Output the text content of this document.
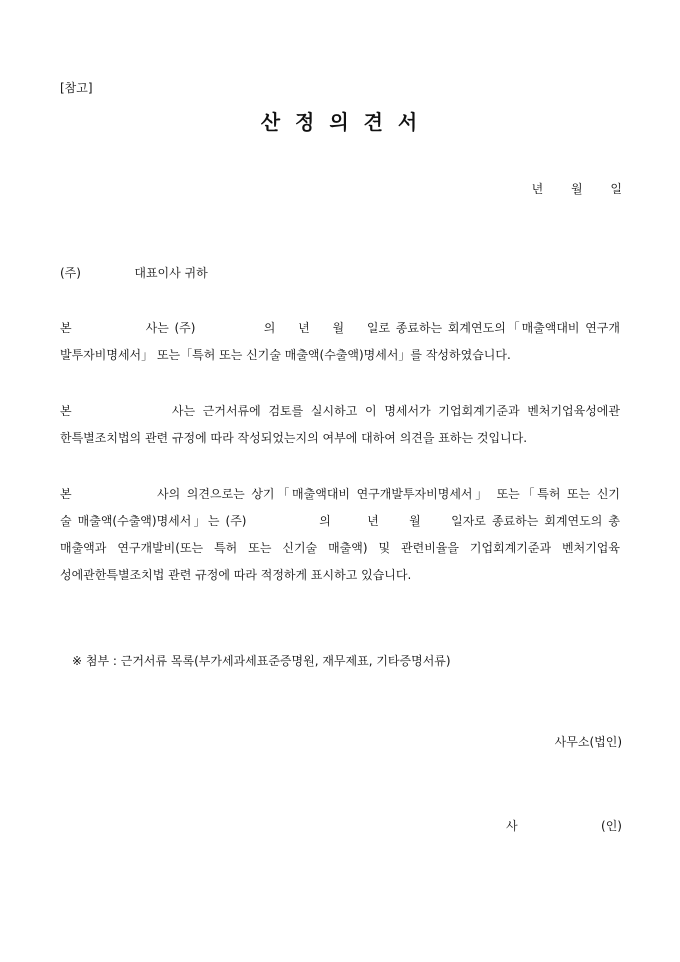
[참고]
산 정 의 견 서
년 월 일
(주)              대표이사 귀하
본             사는 (주)            의    년    월    일로 종료하는 회계연도의「매출액대비 연구개
발투자비명세서」 또는「특허 또는 신기술 매출액(수출액)명세서」를 작성하였습니다.
본             사는 근거서류에 검토를 실시하고 이 명세서가 기업회계기준과 벤처기업육성에관
한특별조치법의 관련 규정에 따라 작성되었는지의 여부에 대하여 의견을 표하는 것입니다.
본             사의 의견으로는 상기「매출액대비 연구개발투자비명세서」 또는「특허 또는 신기
술 매출액(수출액)명세서」는 (주)            의      년     월     일자로 종료하는 회계연도의 총
매출액과 연구개발비(또는 특허 또는 신기술 매출액) 및 관련비율을 기업회계기준과 벤처기업육
성에관한특별조치법 관련 규정에 따라 적정하게 표시하고 있습니다.
※ 첨부 : 근거서류 목록(부가세과세표준증명원, 재무제표, 기타증명서류)
사무소(법인)
사	(인)
